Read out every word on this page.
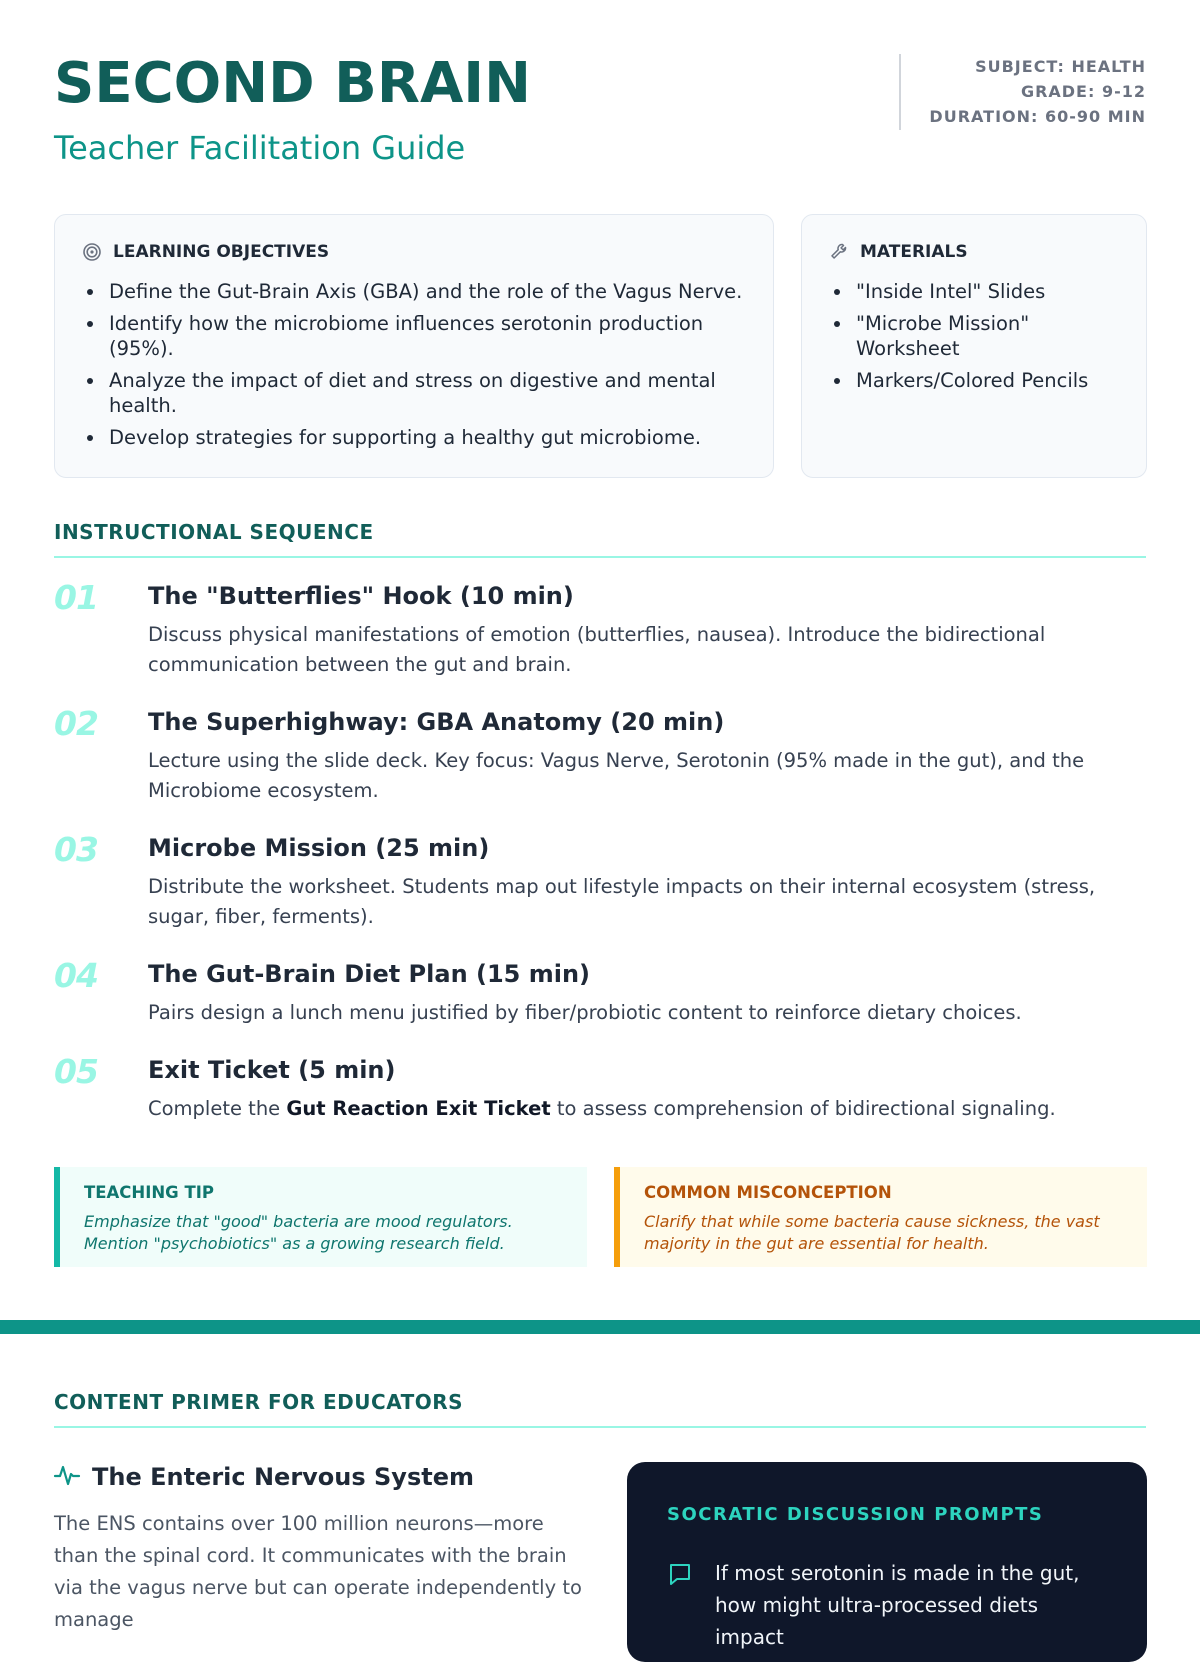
SECOND BRAIN
Teacher Facilitation Guide
SUBJECT: HEALTH
GRADE: 9-12
DURATION: 60-90 MIN
LEARNING OBJECTIVES
Define the Gut-Brain Axis (GBA) and the role of the Vagus Nerve.
Identify how the microbiome influences serotonin production (95%).
Analyze the impact of diet and stress on digestive and mental health.
Develop strategies for supporting a healthy gut microbiome.
MATERIALS
"Inside Intel" Slides
"Microbe Mission" Worksheet
Markers/Colored Pencils
INSTRUCTIONAL SEQUENCE
01 The "Butterflies" Hook (10 min)
Discuss physical manifestations of emotion (butterflies, nausea). Introduce the bidirectional communication between the gut and brain.
02 The Superhighway: GBA Anatomy (20 min)
Lecture using the slide deck. Key focus: Vagus Nerve, Serotonin (95% made in the gut), and the Microbiome ecosystem.
03 Microbe Mission (25 min)
Distribute the worksheet. Students map out lifestyle impacts on their internal ecosystem (stress, sugar, fiber, ferments).
04 The Gut-Brain Diet Plan (15 min)
Pairs design a lunch menu justified by fiber/probiotic content to reinforce dietary choices.
05 Exit Ticket (5 min)
Complete the Gut Reaction Exit Ticket to assess comprehension of bidirectional signaling.
TEACHING TIP
Emphasize that "good" bacteria are mood regulators. Mention "psychobiotics" as a growing research field.
COMMON MISCONCEPTION
Clarify that while some bacteria cause sickness, the vast majority in the gut are essential for health.
CONTENT PRIMER FOR EDUCATORS
The Enteric Nervous System
The ENS contains over 100 million neurons—more than the spinal cord. It communicates with the brain via the vagus nerve but can operate independently to manage
SOCRATIC DISCUSSION PROMPTS
If most serotonin is made in the gut, how might ultra-processed diets impact
